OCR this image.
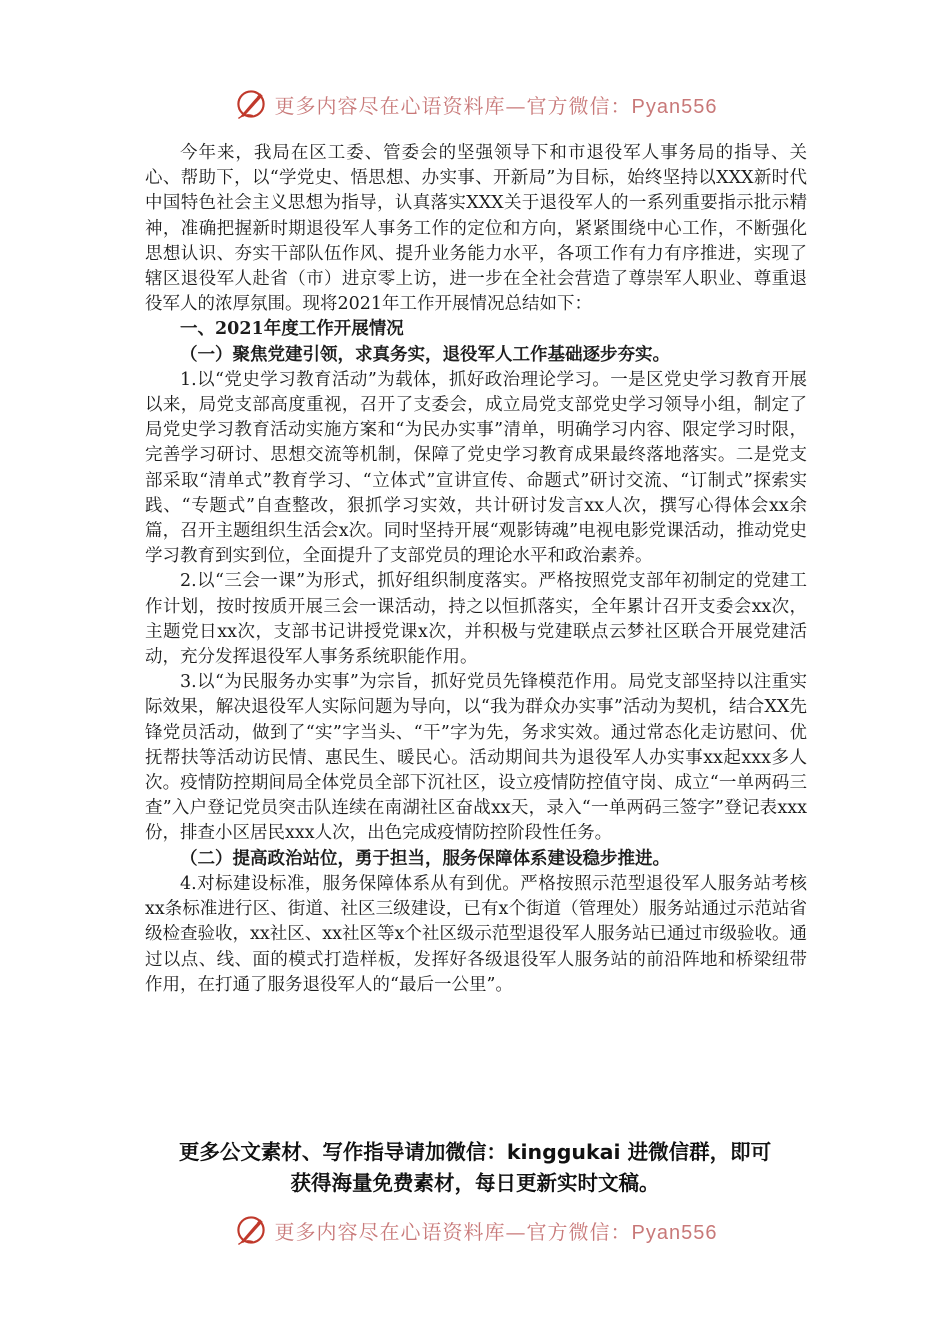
更多内容尽在心语资料库—官方微信：Pyan556

今年来，我局在区工委、管委会的坚强领导下和市退役军人事务局的指导、关心、帮助下，以“学党史、悟思想、办实事、开新局”为目标，始终坚持以XXX新时代中国特色社会主义思想为指导，认真落实XXX关于退役军人的一系列重要指示批示精神，准确把握新时期退役军人事务工作的定位和方向，紧紧围绕中心工作，不断强化思想认识、夯实干部队伍作风、提升业务能力水平，各项工作有力有序推进，实现了辖区退役军人赴省（市）进京零上访，进一步在全社会营造了尊崇军人职业、尊重退役军人的浓厚氛围。现将2021年工作开展情况总结如下：

一、2021年度工作开展情况

（一）聚焦党建引领，求真务实，退役军人工作基础逐步夯实。

1.以“党史学习教育活动”为载体，抓好政治理论学习。一是区党史学习教育开展以来，局党支部高度重视，召开了支委会，成立局党支部党史学习领导小组，制定了局党史学习教育活动实施方案和“为民办实事”清单，明确学习内容、限定学习时限，完善学习研讨、思想交流等机制，保障了党史学习教育成果最终落地落实。二是党支部采取“清单式”教育学习、“立体式”宣讲宣传、命题式”研讨交流、“订制式”探索实践、“专题式”自查整改，狠抓学习实效，共计研讨发言xx人次，撰写心得体会xx余篇，召开主题组织生活会x次。同时坚持开展“观影铸魂”电视电影党课活动，推动党史学习教育到实到位，全面提升了支部党员的理论水平和政治素养。

2.以“三会一课”为形式，抓好组织制度落实。严格按照党支部年初制定的党建工作计划，按时按质开展三会一课活动，持之以恒抓落实，全年累计召开支委会xx次，主题党日xx次，支部书记讲授党课x次，并积极与党建联点云梦社区联合开展党建活动，充分发挥退役军人事务系统职能作用。

3.以“为民服务办实事”为宗旨，抓好党员先锋模范作用。局党支部坚持以注重实际效果，解决退役军人实际问题为导向，以“我为群众办实事”活动为契机，结合XX先锋党员活动，做到了“实”字当头、“干”字为先，务求实效。通过常态化走访慰问、优抚帮扶等活动访民情、惠民生、暖民心。活动期间共为退役军人办实事xx起xxx多人次。疫情防控期间局全体党员全部下沉社区，设立疫情防控值守岗、成立“一单两码三查”入户登记党员突击队连续在南湖社区奋战xx天，录入“一单两码三签字”登记表xxx份，排查小区居民xxx人次，出色完成疫情防控阶段性任务。

（二）提高政治站位，勇于担当，服务保障体系建设稳步推进。

4.对标建设标准，服务保障体系从有到优。严格按照示范型退役军人服务站考核xx条标准进行区、街道、社区三级建设，已有x个街道（管理处）服务站通过示范站省级检查验收，xx社区、xx社区等x个社区级示范型退役军人服务站已通过市级验收。通过以点、线、面的模式打造样板，发挥好各级退役军人服务站的前沿阵地和桥梁纽带作用，在打通了服务退役军人的“最后一公里”。

更多公文素材、写作指导请加微信：kinggukai 进微信群，即可
获得海量免费素材，每日更新实时文稿。
更多内容尽在心语资料库—官方微信：Pyan556
